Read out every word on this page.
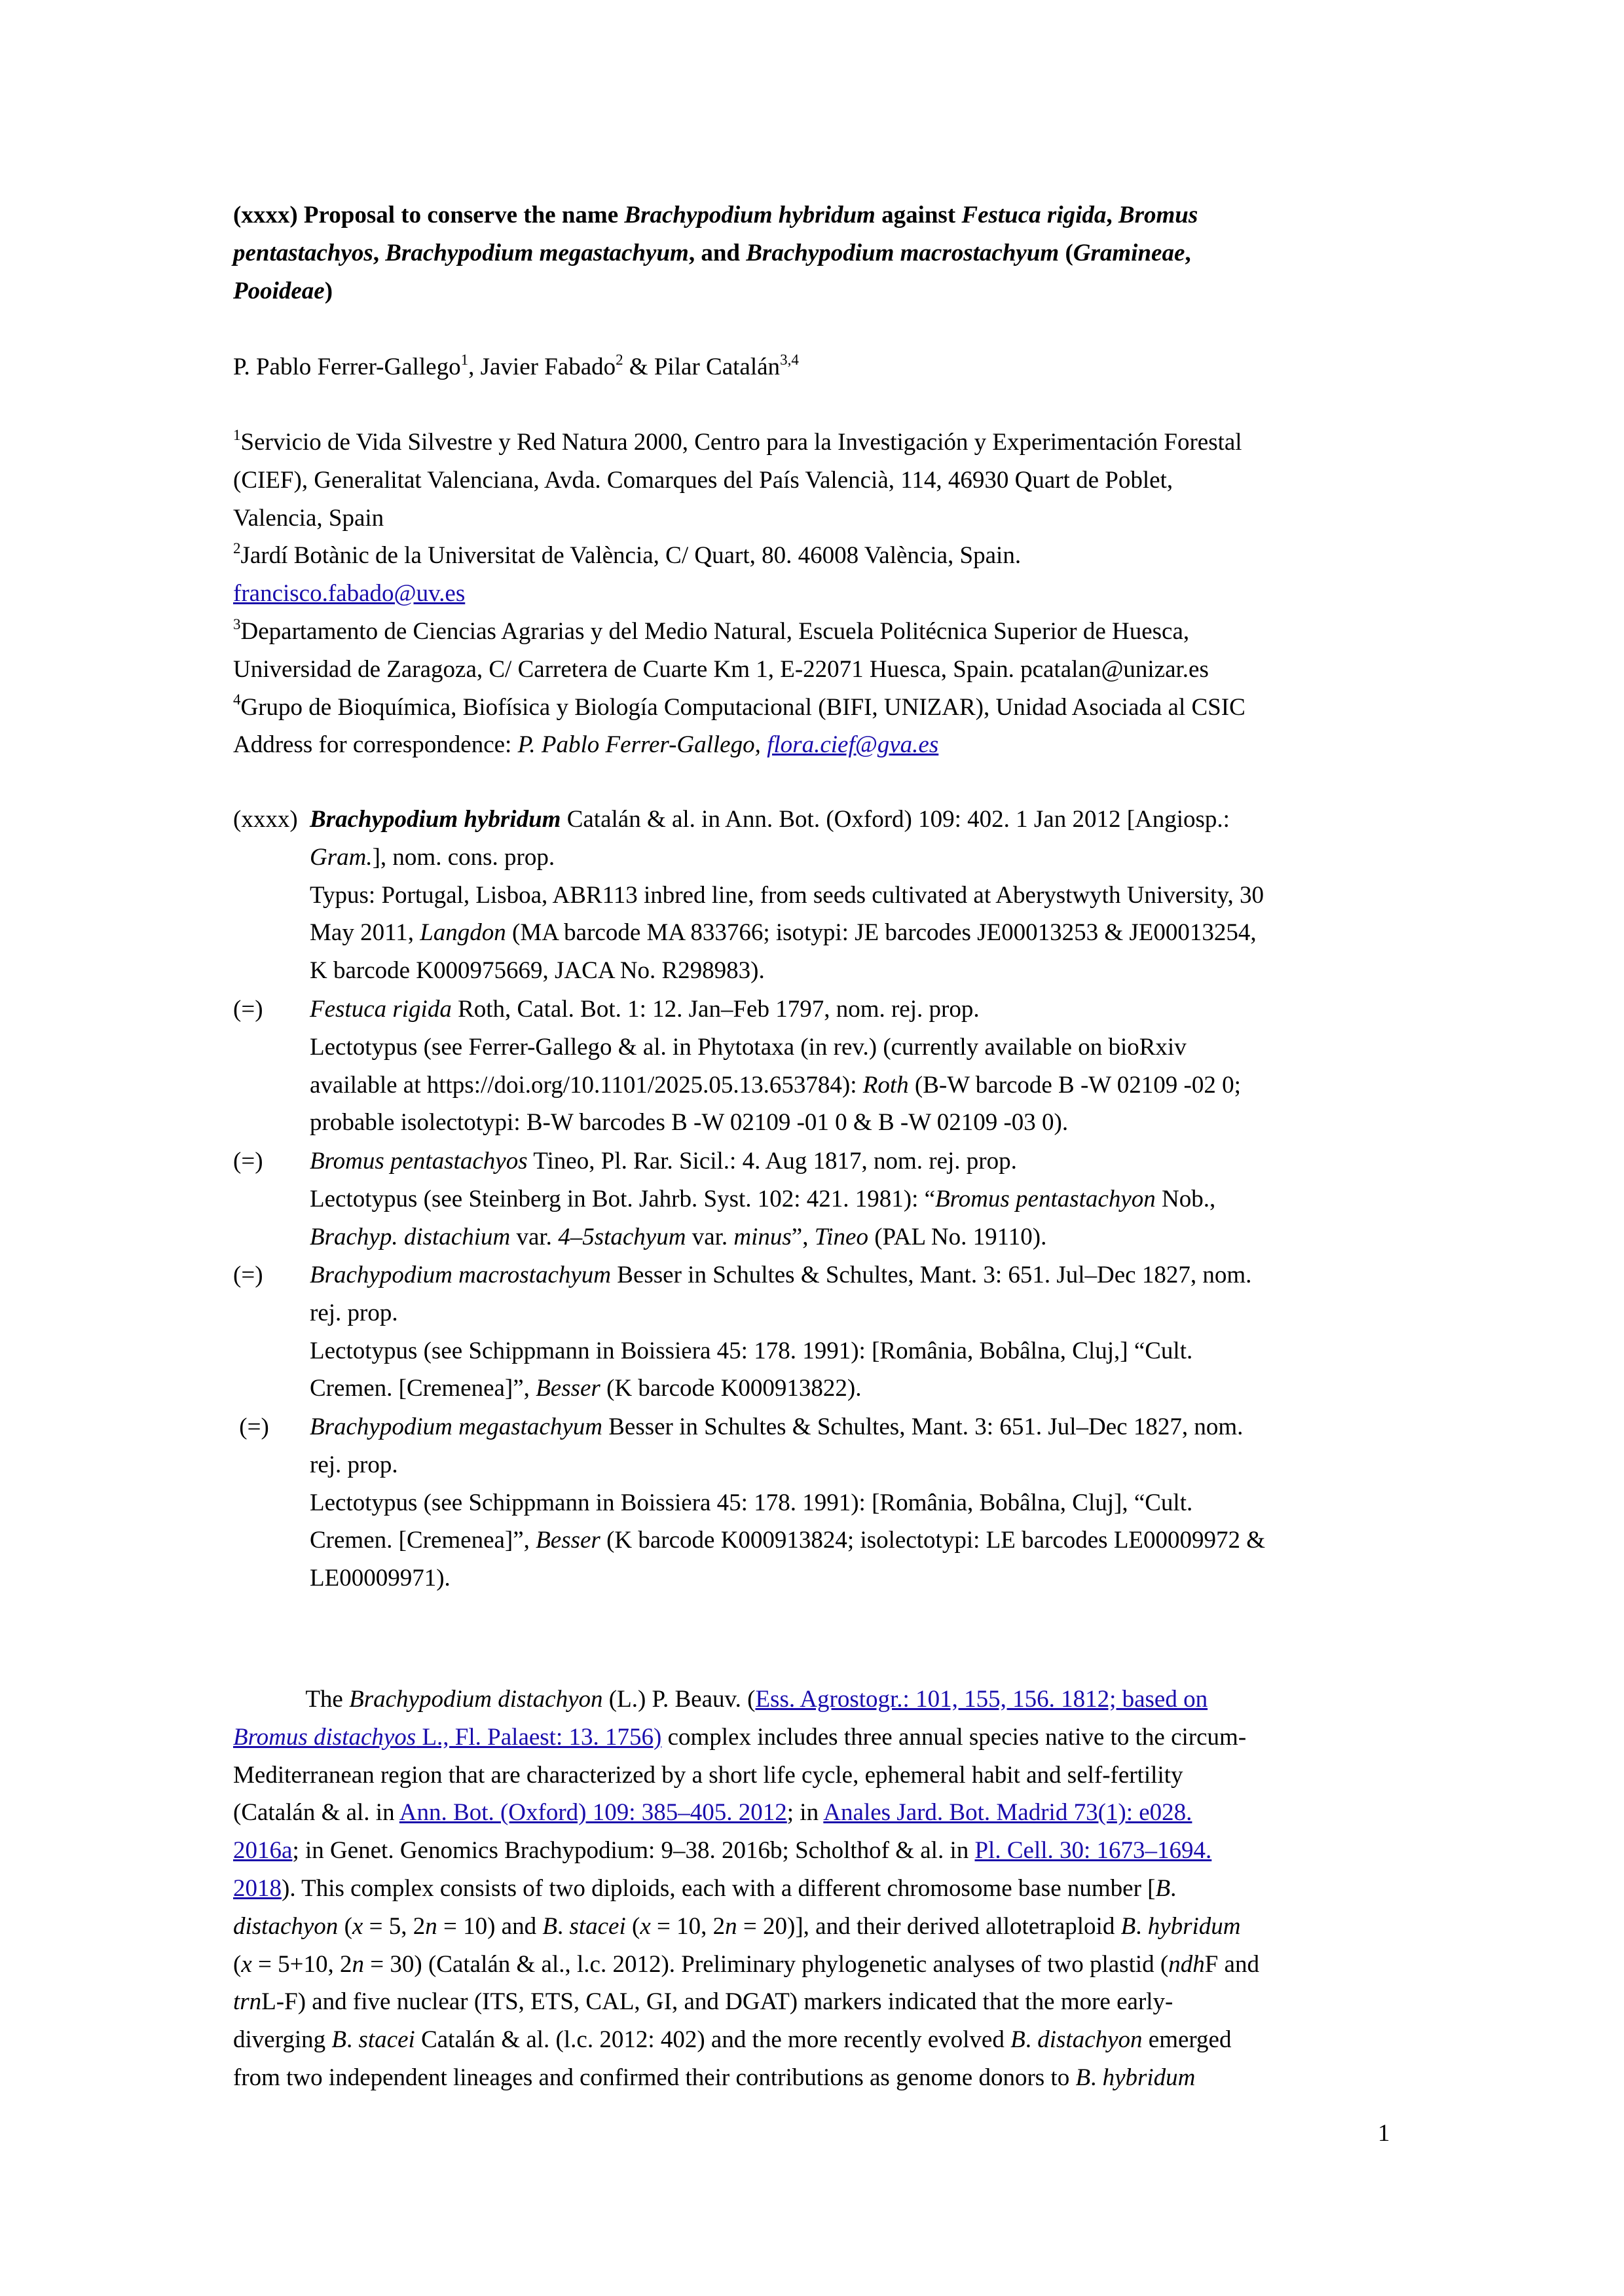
(xxxx) Proposal to conserve the name Brachypodium hybridum against Festuca rigida, Bromus
pentastachyos, Brachypodium megastachyum, and Brachypodium macrostachyum (Gramineae,
Pooideae)
P. Pablo Ferrer-Gallego$^1$, Javier Fabado$^2$ & Pilar Catalán$^{3,4}$
$^1$Servicio de Vida Silvestre y Red Natura 2000, Centro para la Investigación y Experimentación Forestal
(CIEF), Generalitat Valenciana, Avda. Comarques del País Valencià, 114, 46930 Quart de Poblet,
Valencia, Spain
$^2$Jardí Botànic de la Universitat de València, C/ Quart, 80. 46008 València, Spain.
francisco.fabado@uv.es
$^3$Departamento de Ciencias Agrarias y del Medio Natural, Escuela Politécnica Superior de Huesca,
Universidad de Zaragoza, C/ Carretera de Cuarte Km 1, E-22071 Huesca, Spain. pcatalan@unizar.es
$^4$Grupo de Bioquímica, Biofísica y Biología Computacional (BIFI, UNIZAR), Unidad Asociada al CSIC
Address for correspondence: P. Pablo Ferrer-Gallego, flora.cief@gva.es
(xxxx) Brachypodium hybridum Catalán & al. in Ann. Bot. (Oxford) 109: 402. 1 Jan 2012 [Angiosp.:
Gram.], nom. cons. prop.
Typus: Portugal, Lisboa, ABR113 inbred line, from seeds cultivated at Aberystwyth University, 30
May 2011, Langdon (MA barcode MA 833766; isotypi: JE barcodes JE00013253 & JE00013254,
K barcode K000975669, JACA No. R298983).
(=) Festuca rigida Roth, Catal. Bot. 1: 12. Jan–Feb 1797, nom. rej. prop.
Lectotypus (see Ferrer-Gallego & al. in Phytotaxa (in rev.) (currently available on bioRxiv
available at https://doi.org/10.1101/2025.05.13.653784): Roth (B-W barcode B -W 02109 -02 0;
probable isolectotypi: B-W barcodes B -W 02109 -01 0 & B -W 02109 -03 0).
(=) Bromus pentastachyos Tineo, Pl. Rar. Sicil.: 4. Aug 1817, nom. rej. prop.
Lectotypus (see Steinberg in Bot. Jahrb. Syst. 102: 421. 1981): “Bromus pentastachyon Nob.,
Brachyp. distachium var. 4–5stachyum var. minus”, Tineo (PAL No. 19110).
(=) Brachypodium macrostachyum Besser in Schultes & Schultes, Mant. 3: 651. Jul–Dec 1827, nom.
rej. prop.
Lectotypus (see Schippmann in Boissiera 45: 178. 1991): [România, Bobâlna, Cluj,] “Cult.
Cremen. [Cremenea]”, Besser (K barcode K000913822).
(=) Brachypodium megastachyum Besser in Schultes & Schultes, Mant. 3: 651. Jul–Dec 1827, nom.
rej. prop.
Lectotypus (see Schippmann in Boissiera 45: 178. 1991): [România, Bobâlna, Cluj], “Cult.
Cremen. [Cremenea]”, Besser (K barcode K000913824; isolectotypi: LE barcodes LE00009972 &
LE00009971).
The Brachypodium distachyon (L.) P. Beauv. (Ess. Agrostogr.: 101, 155, 156. 1812; based on
Bromus distachyos L., Fl. Palaest: 13. 1756) complex includes three annual species native to the circum-
Mediterranean region that are characterized by a short life cycle, ephemeral habit and self-fertility
(Catalán & al. in Ann. Bot. (Oxford) 109: 385–405. 2012; in Anales Jard. Bot. Madrid 73(1): e028.
2016a; in Genet. Genomics Brachypodium: 9–38. 2016b; Scholthof & al. in Pl. Cell. 30: 1673–1694.
2018). This complex consists of two diploids, each with a different chromosome base number [B.
distachyon (x = 5, 2n = 10) and B. stacei (x = 10, 2n = 20)], and their derived allotetraploid B. hybridum
(x = 5+10, 2n = 30) (Catalán & al., l.c. 2012). Preliminary phylogenetic analyses of two plastid (ndhF and
trnL-F) and five nuclear (ITS, ETS, CAL, GI, and DGAT) markers indicated that the more early-
diverging B. stacei Catalán & al. (l.c. 2012: 402) and the more recently evolved B. distachyon emerged
from two independent lineages and confirmed their contributions as genome donors to B. hybridum
1
